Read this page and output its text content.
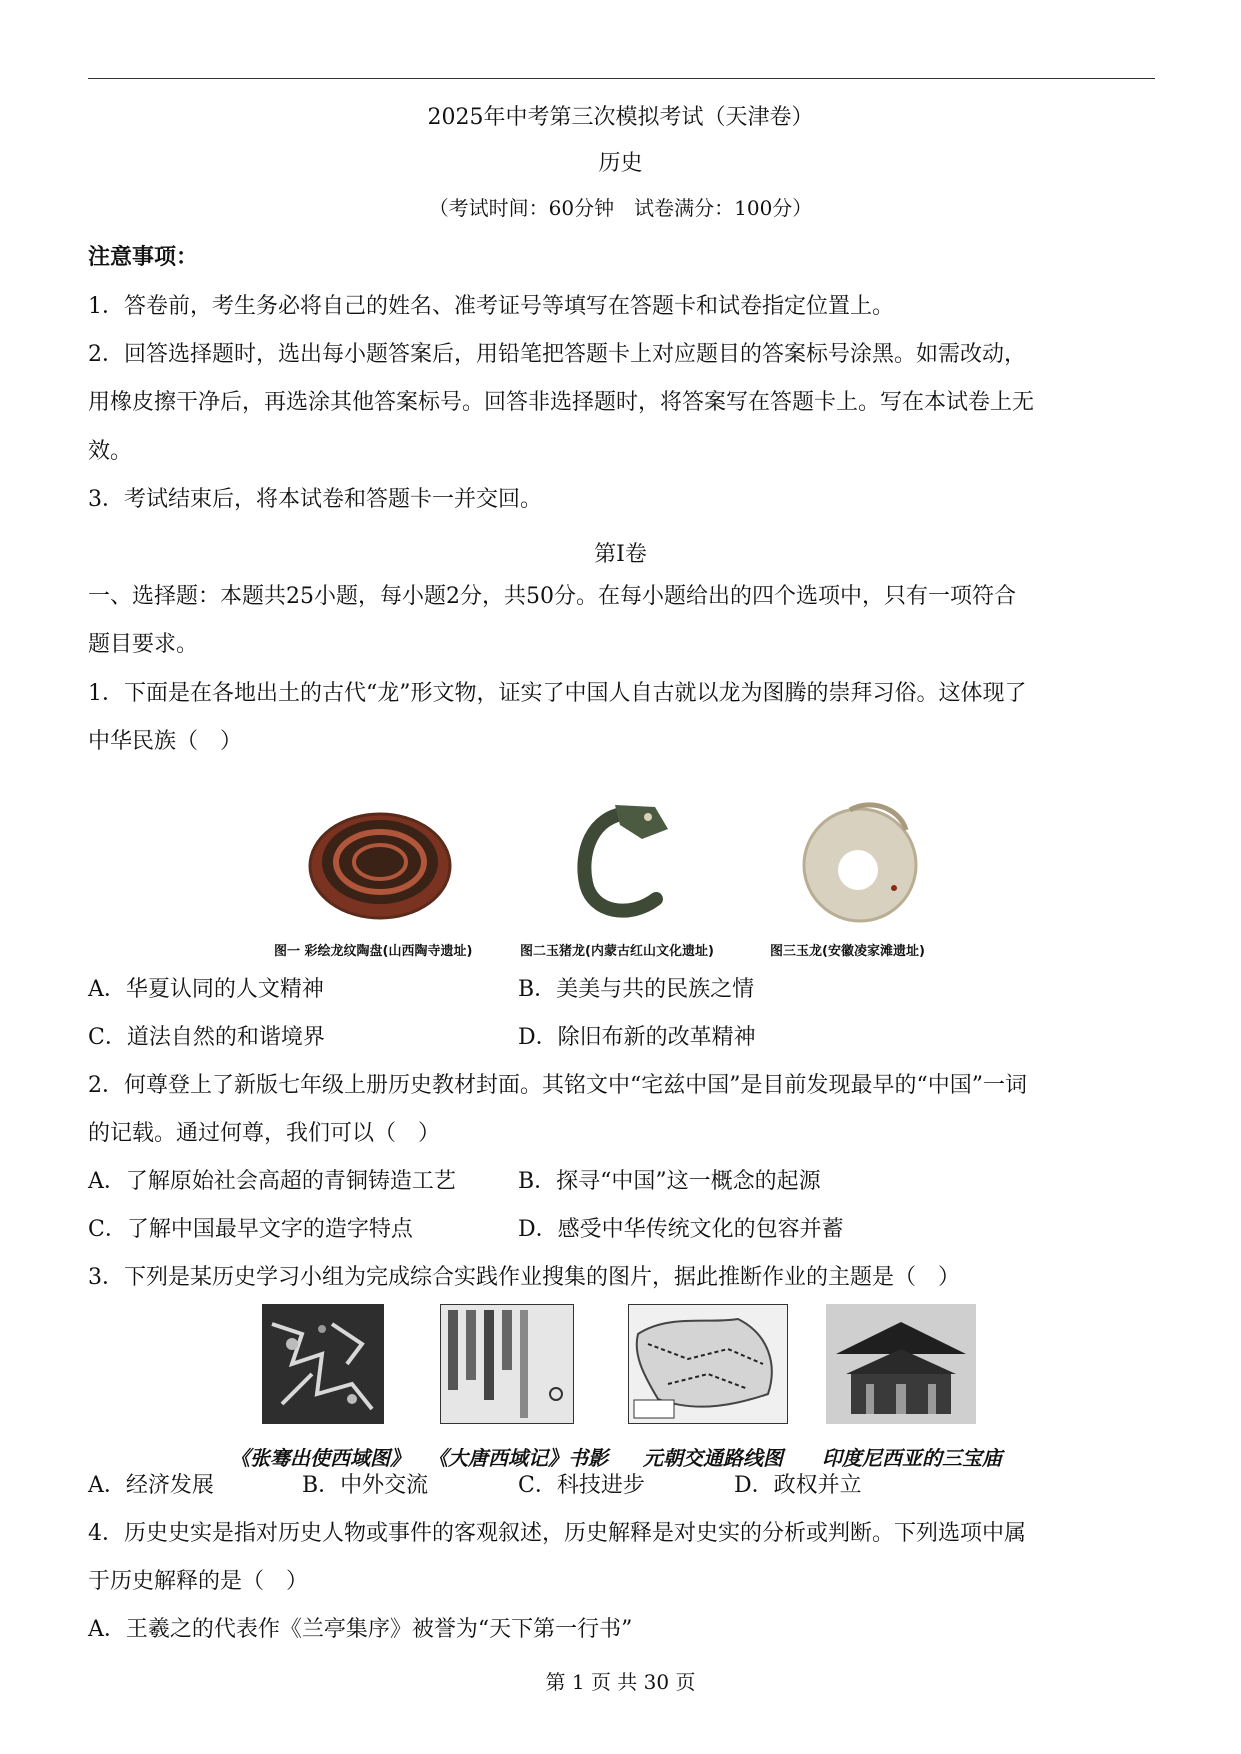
2025年中考第三次模拟考试（天津卷）
历史
（考试时间：60分钟　试卷满分：100分）
注意事项：
1．答卷前，考生务必将自己的姓名、准考证号等填写在答题卡和试卷指定位置上。
2．回答选择题时，选出每小题答案后，用铅笔把答题卡上对应题目的答案标号涂黑。如需改动，
用橡皮擦干净后，再选涂其他答案标号。回答非选择题时，将答案写在答题卡上。写在本试卷上无
效。
3．考试结束后，将本试卷和答题卡一并交回。
第Ⅰ卷
一、选择题：本题共25小题，每小题2分，共50分。在每小题给出的四个选项中，只有一项符合
题目要求。
1．下面是在各地出土的古代“龙”形文物，证实了中国人自古就以龙为图腾的崇拜习俗。这体现了
中华民族（　）
图一 彩绘龙纹陶盘(山西陶寺遗址)	图二玉猪龙(内蒙古红山文化遗址)	图三玉龙(安徽凌家滩遗址)
A．华夏认同的人文精神	B．美美与共的民族之情
C．道法自然的和谐境界	D．除旧布新的改革精神
2．何尊登上了新版七年级上册历史教材封面。其铭文中“宅兹中国”是目前发现最早的“中国”一词
的记载。通过何尊，我们可以（　）
A．了解原始社会高超的青铜铸造工艺	B．探寻“中国”这一概念的起源
C．了解中国最早文字的造字特点	D．感受中华传统文化的包容并蓄
3．下列是某历史学习小组为完成综合实践作业搜集的图片，据此推断作业的主题是（　）
《张骞出使西域图》 《大唐西域记》书影 元朝交通路线图 印度尼西亚的三宝庙
A．经济发展	B．中外交流	C．科技进步	D．政权并立
4．历史史实是指对历史人物或事件的客观叙述，历史解释是对史实的分析或判断。下列选项中属
于历史解释的是（　）
A．王羲之的代表作《兰亭集序》被誉为“天下第一行书”
第 1 页 共 30 页
